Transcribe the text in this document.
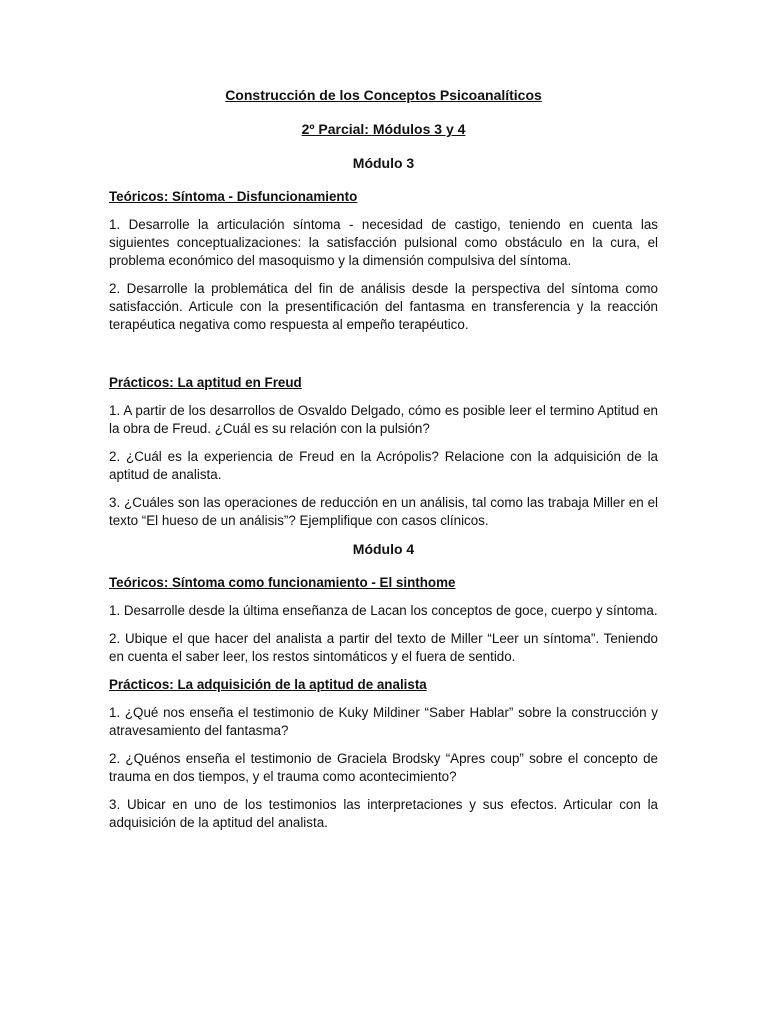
Construcción de los Conceptos Psicoanalíticos
2º Parcial: Módulos 3 y 4
Módulo 3
Teóricos: Síntoma - Disfuncionamiento
1. Desarrolle la articulación síntoma - necesidad de castigo, teniendo en cuenta las siguientes conceptualizaciones: la satisfacción pulsional como obstáculo en la cura, el problema económico del masoquismo y la dimensión compulsiva del síntoma.
2. Desarrolle la problemática del fin de análisis desde la perspectiva del síntoma como satisfacción. Articule con la presentificación del fantasma en transferencia y la reacción terapéutica negativa como respuesta al empeño terapéutico.
Prácticos: La aptitud en Freud
1. A partir de los desarrollos de Osvaldo Delgado, cómo es posible leer el termino Aptitud en la obra de Freud. ¿Cuál es su relación con la pulsión?
2. ¿Cuál es la experiencia de Freud en la Acrópolis? Relacione con la adquisición de la aptitud de analista.
3. ¿Cuáles son las operaciones de reducción en un análisis, tal como las trabaja Miller en el texto “El hueso de un análisis”? Ejemplifique con casos clínicos.
Módulo 4
Teóricos: Síntoma como funcionamiento - El sinthome
1. Desarrolle desde la última enseñanza de Lacan los conceptos de goce, cuerpo y síntoma.
2. Ubique el que hacer del analista a partir del texto de Miller “Leer un síntoma”. Teniendo en cuenta el saber leer, los restos sintomáticos y el fuera de sentido.
Prácticos: La adquisición de la aptitud de analista
1. ¿Qué nos enseña el testimonio de Kuky Mildiner “Saber Hablar” sobre la construcción y atravesamiento del fantasma?
2. ¿Quénos enseña el testimonio de Graciela Brodsky “Apres coup” sobre el concepto de trauma en dos tiempos, y el trauma como acontecimiento?
3. Ubicar en uno de los testimonios las interpretaciones y sus efectos. Articular con la adquisición de la aptitud del analista.
